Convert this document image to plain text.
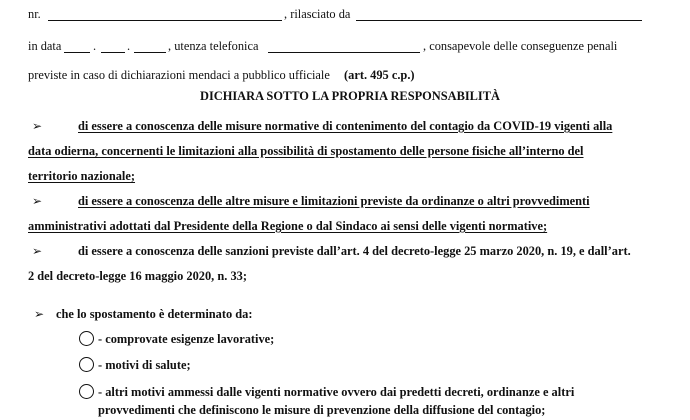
nr.	, rilasciato da
in data	. .	, utenza telefonica	, consapevole delle conseguenze penali
previste in caso di dichiarazioni mendaci a pubblico ufficiale (art. 495 c.p.)
DICHIARA SOTTO LA PROPRIA RESPONSABILITÀ
➢	di essere a conoscenza delle misure normative di contenimento del contagio da COVID-19 vigenti alla
data odierna, concernenti le limitazioni alla possibilità di spostamento delle persone fisiche all’interno del
territorio nazionale;
➢	di essere a conoscenza delle altre misure e limitazioni previste da ordinanze o altri provvedimenti
amministrativi adottati dal Presidente della Regione o dal Sindaco ai sensi delle vigenti normative;
➢	di essere a conoscenza delle sanzioni previste dall’art. 4 del decreto-legge 25 marzo 2020, n. 19, e dall’art.
2 del decreto-legge 16 maggio 2020, n. 33;
➢ che lo spostamento è determinato da:
- comprovate esigenze lavorative;
- motivi di salute;
- altri motivi ammessi dalle vigenti normative ovvero dai predetti decreti, ordinanze e altri
provvedimenti che definiscono le misure di prevenzione della diffusione del contagio;
